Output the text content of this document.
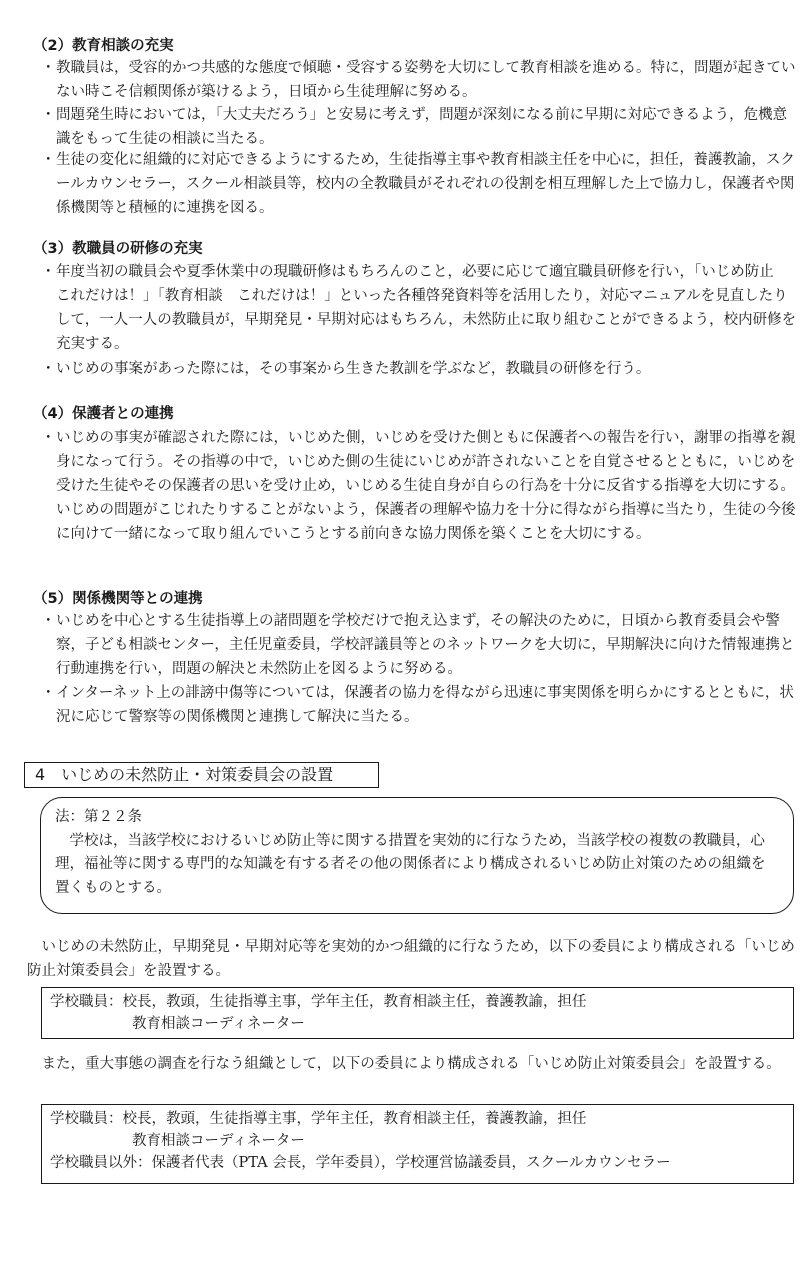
（2）教育相談の充実
・ 教職員は，受容的かつ共感的な態度で傾聴・受容する姿勢を大切にして教育相談を進める。特に，問題が起きていない時こそ信頼関係が築けるよう，日頃から生徒理解に努める。
・ 問題発生時においては，「大丈夫だろう」と安易に考えず，問題が深刻になる前に早期に対応できるよう，危機意識をもって生徒の相談に当たる。
・ 生徒の変化に組織的に対応できるようにするため，生徒指導主事や教育相談主任を中心に，担任，養護教諭，スクールカウンセラー，スクール相談員等，校内の全教職員がそれぞれの役割を相互理解した上で協力し，保護者や関係機関等と積極的に連携を図る。
（3）教職員の研修の充実
・ 年度当初の職員会や夏季休業中の現職研修はもちろんのこと，必要に応じて適宜職員研修を行い，「いじめ防止　これだけは！」「教育相談　これだけは！」といった各種啓発資料等を活用したり，対応マニュアルを見直したりして，一人一人の教職員が，早期発見・早期対応はもちろん，未然防止に取り組むことができるよう，校内研修を充実する。
・ いじめの事案があった際には，その事案から生きた教訓を学ぶなど，教職員の研修を行う。
（4）保護者との連携
・ いじめの事実が確認された際には，いじめた側，いじめを受けた側ともに保護者への報告を行い，謝罪の指導を親身になって行う。その指導の中で，いじめた側の生徒にいじめが許されないことを自覚させるとともに，いじめを受けた生徒やその保護者の思いを受け止め，いじめる生徒自身が自らの行為を十分に反省する指導を大切にする。いじめの問題がこじれたりすることがないよう，保護者の理解や協力を十分に得ながら指導に当たり，生徒の今後に向けて一緒になって取り組んでいこうとする前向きな協力関係を築くことを大切にする。
（5）関係機関等との連携
・ いじめを中心とする生徒指導上の諸問題を学校だけで抱え込まず，その解決のために，日頃から教育委員会や警察，子ども相談センター，主任児童委員，学校評議員等とのネットワークを大切に，早期解決に向けた情報連携と行動連携を行い，問題の解決と未然防止を図るように努める。
・ インターネット上の誹謗中傷等については，保護者の協力を得ながら迅速に事実関係を明らかにするとともに，状況に応じて警察等の関係機関と連携して解決に当たる。
4　いじめの未然防止・対策委員会の設置
法：第２２条
学校は，当該学校におけるいじめ防止等に関する措置を実効的に行なうため，当該学校の複数の教職員，心理，福祉等に関する専門的な知識を有する者その他の関係者により構成されるいじめ防止対策のための組織を置くものとする。
いじめの未然防止，早期発見・早期対応等を実効的かつ組織的に行なうため，以下の委員により構成される「いじめ防止対策委員会」を設置する。
学校職員：校長，教頭，生徒指導主事，学年主任，教育相談主任，養護教諭，担任
教育相談コーディネーター
また，重大事態の調査を行なう組織として，以下の委員により構成される「いじめ防止対策委員会」を設置する。
学校職員：校長，教頭，生徒指導主事，学年主任，教育相談主任，養護教諭，担任
教育相談コーディネーター
学校職員以外：保護者代表（PTA 会長，学年委員），学校運営協議委員，スクールカウンセラー
